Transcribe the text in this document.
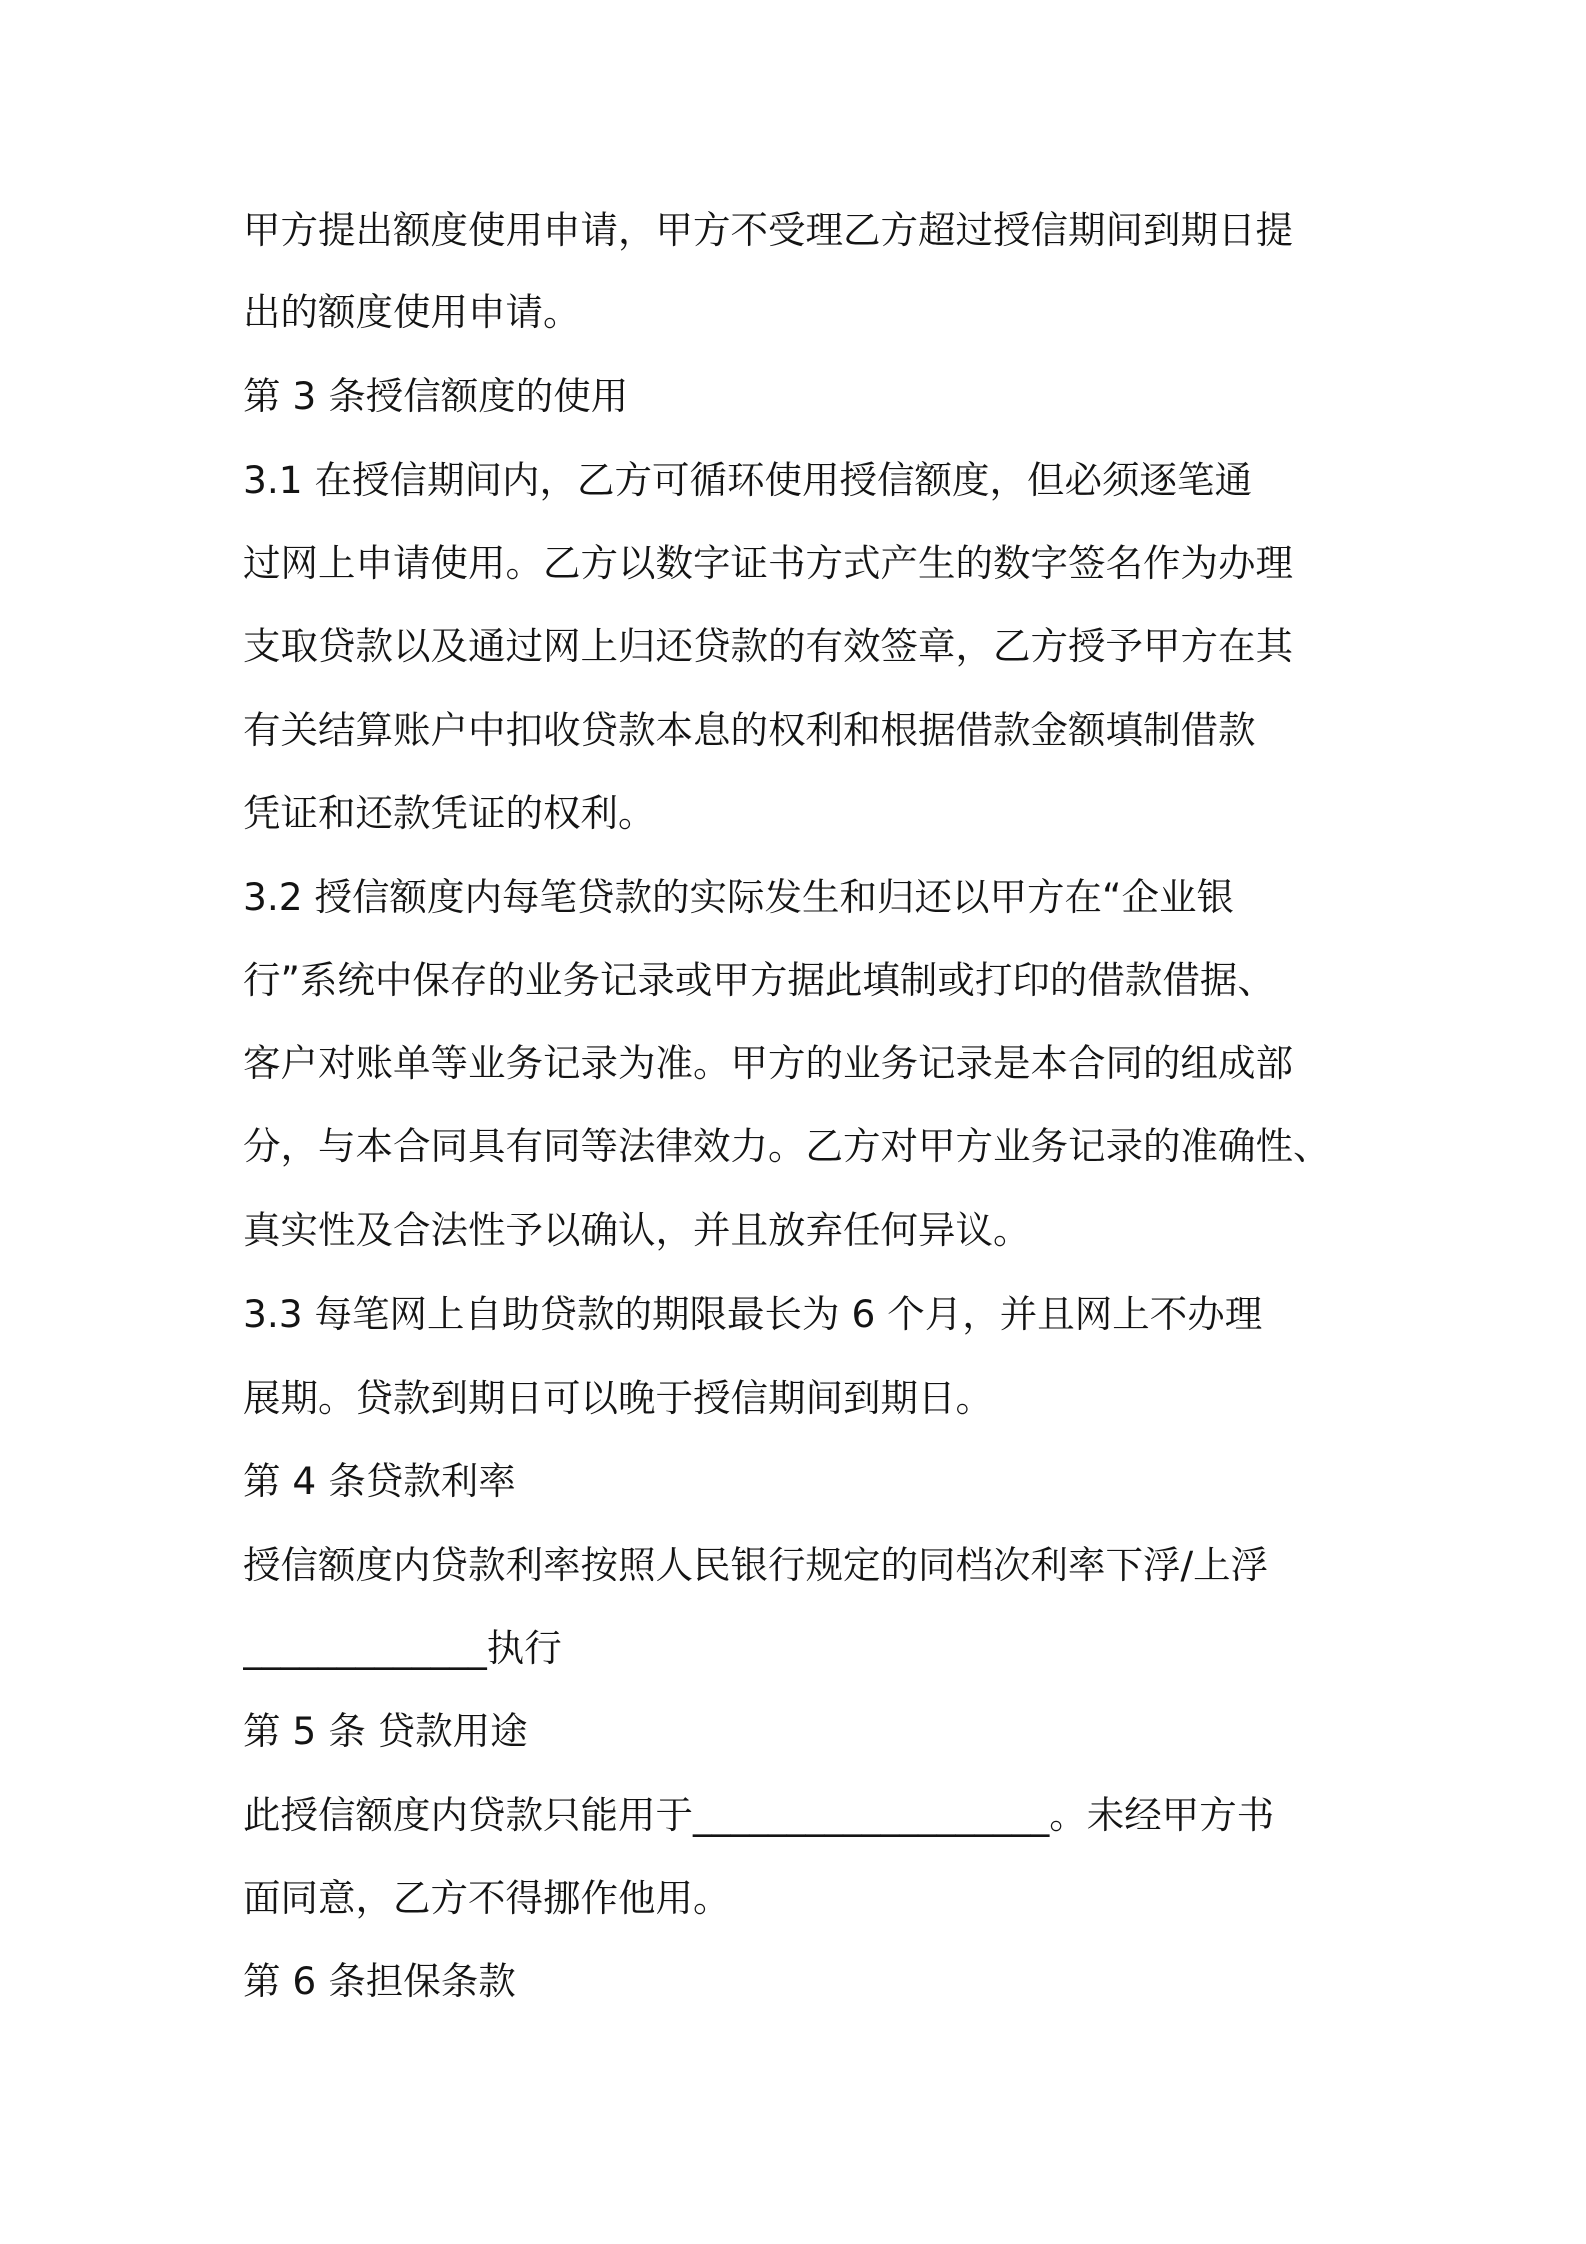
甲方提出额度使用申请，甲方不受理乙方超过授信期间到期日提
出的额度使用申请。
第 3 条授信额度的使用
3.1 在授信期间内，乙方可循环使用授信额度，但必须逐笔通
过网上申请使用。乙方以数字证书方式产生的数字签名作为办理
支取贷款以及通过网上归还贷款的有效签章，乙方授予甲方在其
有关结算账户中扣收贷款本息的权利和根据借款金额填制借款
凭证和还款凭证的权利。
3.2 授信额度内每笔贷款的实际发生和归还以甲方在“企业银
行”系统中保存的业务记录或甲方据此填制或打印的借款借据、
客户对账单等业务记录为准。甲方的业务记录是本合同的组成部
分，与本合同具有同等法律效力。乙方对甲方业务记录的准确性、
真实性及合法性予以确认，并且放弃任何异议。
3.3 每笔网上自助贷款的期限最长为 6 个月，并且网上不办理
展期。贷款到期日可以晚于授信期间到期日。
第 4 条贷款利率
授信额度内贷款利率按照人民银行规定的同档次利率下浮/上浮
_____________执行
第 5 条 贷款用途
此授信额度内贷款只能用于___________________。未经甲方书
面同意，乙方不得挪作他用。
第 6 条担保条款
